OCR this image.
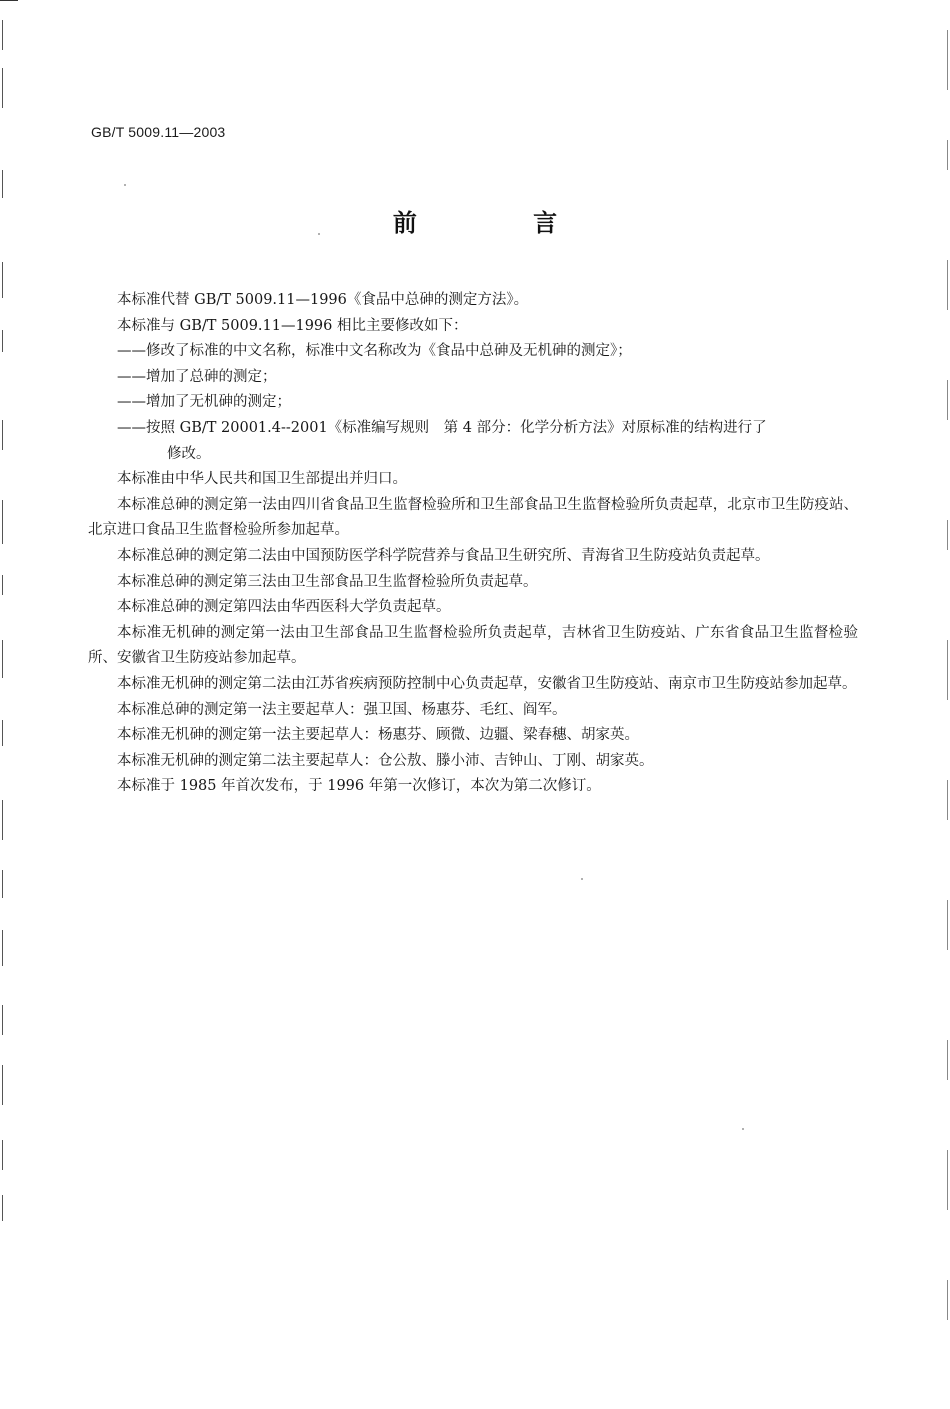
GB/T 5009.11—2003
前 言

本标准代替 GB/T 5009.11—1996《食品中总砷的测定方法》。

本标准与 GB/T 5009.11—1996 相比主要修改如下：

——修改了标准的中文名称，标准中文名称改为《食品中总砷及无机砷的测定》；

——增加了总砷的测定；

——增加了无机砷的测定；

——按照 GB/T 20001.4--2001《标准编写规则　第 4 部分：化学分析方法》对原标准的结构进行了
修改。

本标准由中华人民共和国卫生部提出并归口。

本标准总砷的测定第一法由四川省食品卫生监督检验所和卫生部食品卫生监督检验所负责起草，北京市卫生防疫站、北京进口食品卫生监督检验所参加起草。

本标准总砷的测定第二法由中国预防医学科学院营养与食品卫生研究所、青海省卫生防疫站负责起草。

本标准总砷的测定第三法由卫生部食品卫生监督检验所负责起草。

本标准总砷的测定第四法由华西医科大学负责起草。

本标准无机砷的测定第一法由卫生部食品卫生监督检验所负责起草，吉林省卫生防疫站、广东省食品卫生监督检验所、安徽省卫生防疫站参加起草。

本标准无机砷的测定第二法由江苏省疾病预防控制中心负责起草，安徽省卫生防疫站、南京市卫生防疫站参加起草。

本标准总砷的测定第一法主要起草人：强卫国、杨惠芬、毛红、阎军。

本标准无机砷的测定第一法主要起草人：杨惠芬、顾微、边疆、梁春穗、胡家英。

本标准无机砷的测定第二法主要起草人：仓公敖、滕小沛、吉钟山、丁刚、胡家英。

本标准于 1985 年首次发布，于 1996 年第一次修订，本次为第二次修订。
